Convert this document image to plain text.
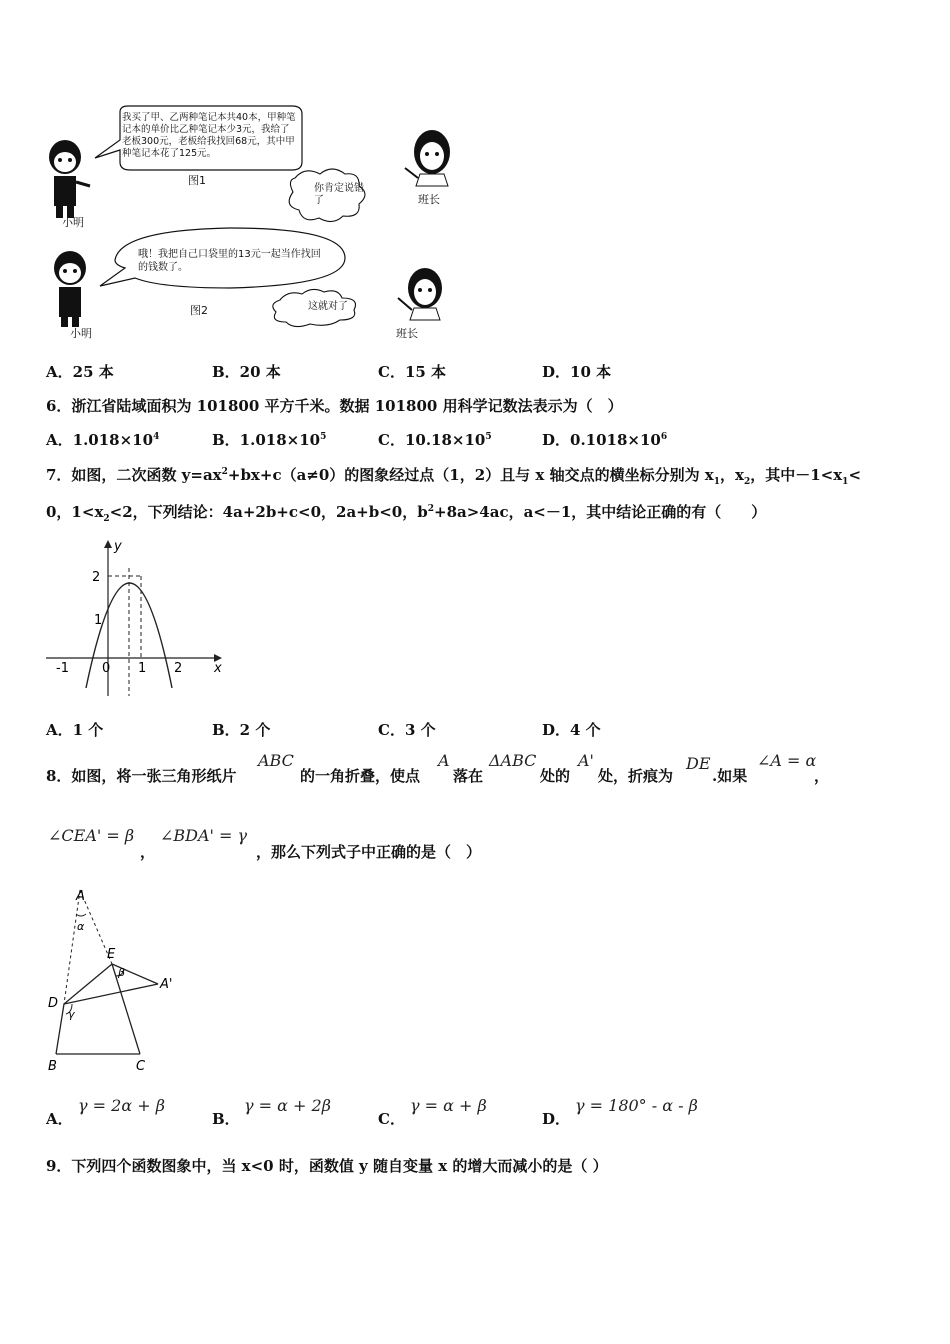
我买了甲、乙两种笔记本共40本，甲种笔记本的单价比乙种笔记本少3元，我给了老板300元，老板给我找回68元，其中甲种笔记本花了125元。
你肯定说错了
图1
小明
班长
哦！我把自己口袋里的13元一起当作找回的钱数了。
这就对了
图2
小明	班长
A．25 本	B．20 本	C．15 本	D．10 本
6．浙江省陆域面积为 101800 平方千米。数据 101800 用科学记数法表示为（　）
A．$1.018\times 10^4$	B．$1.018\times 10^5$	C．$10.18\times 10^5$	D．$0.1018\times 10^6$
7．如图，二次函数 $y=ax^2+bx+c(a\ne 0)$的图象经过点（1，2）且与 x 轴交点的横坐标分别为 $x_1$，$x_2$，其中$-1<x_1<$
0，$1<x_2<2$，下列结论：4a+2b+c<0，2a+b<0，$b^2+8a>4ac$，a<－1，其中结论正确的有（　　）
y
x
-1	0 1 2
1
2
A．1 个	B．2 个	C．3 个	D．4 个
8．如图，将一张三角形纸片
ABC
的一角折叠，使点
A
落在
ΔABC
处的
A'
处，折痕为
DE
.如果
∠A = α
，
∠CEA' = β
，
∠BDA' = γ
，那么下列式子中正确的是（　）
A
α
E
β
A'
D
γ
B	C
A．
γ = 2α + β
B．
γ = α + 2β
C．
γ = α + β
D．
γ = 180° - α - β
9．下列四个函数图象中，当 x<0 时，函数值 y 随自变量 x 的增大而减小的是（ ）
